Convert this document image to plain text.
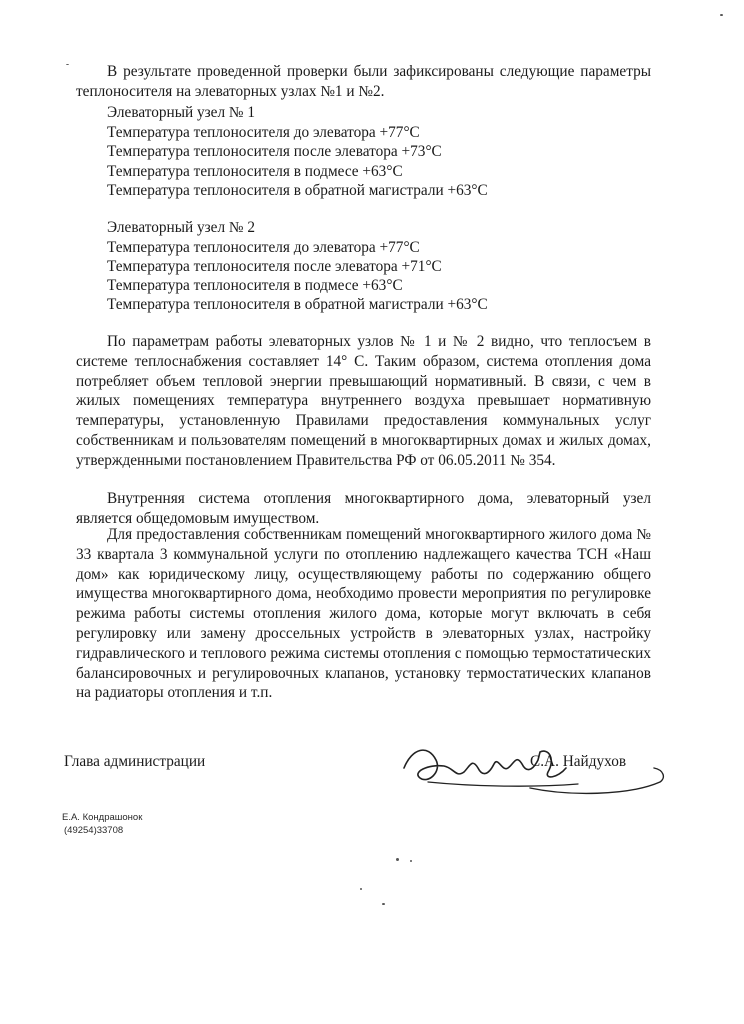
В результате проведенной проверки были зафиксированы следующие параметры теплоносителя на элеваторных узлах №1 и №2.

Элеваторный узел № 1

Температура теплоносителя до элеватора +77°С

Температура теплоносителя после элеватора +73°С

Температура теплоносителя в подмесе +63°С

Температура теплоносителя в обратной магистрали +63°С

Элеваторный узел № 2

Температура теплоносителя до элеватора +77°С

Температура теплоносителя после элеватора +71°С

Температура теплоносителя в подмесе +63°С

Температура теплоносителя в обратной магистрали +63°С

По параметрам работы элеваторных узлов № 1 и № 2 видно, что теплосъем в системе теплоснабжения составляет 14° С. Таким образом, система отопления дома потребляет объем тепловой энергии превышающий нормативный. В связи, с чем в жилых помещениях температура внутреннего воздуха превышает нормативную температуры, установленную Правилами предоставления коммунальных услуг собственникам и пользователям помещений в многоквартирных домах и жилых домах, утвержденными постановлением Правительства РФ от 06.05.2011 № 354.

Внутренняя система отопления многоквартирного дома, элеваторный узел является общедомовым имуществом.

Для предоставления собственникам помещений многоквартирного жилого дома № 33 квартала 3 коммунальной услуги по отоплению надлежащего качества ТСН «Наш дом» как юридическому лицу, осуществляющему работы по содержанию общего имущества многоквартирного дома, необходимо провести мероприятия по регулировке режима работы системы отопления жилого дома, которые могут включать в себя регулировку или замену дроссельных устройств в элеваторных узлах, настройку гидравлического и теплового режима системы отопления с помощью термостатических балансировочных и регулировочных клапанов, установку термостатических клапанов на радиаторы отопления и т.п.

Глава администрации	С.А. Найдухов

Е.А. Кондрашонок

(49254)33708
